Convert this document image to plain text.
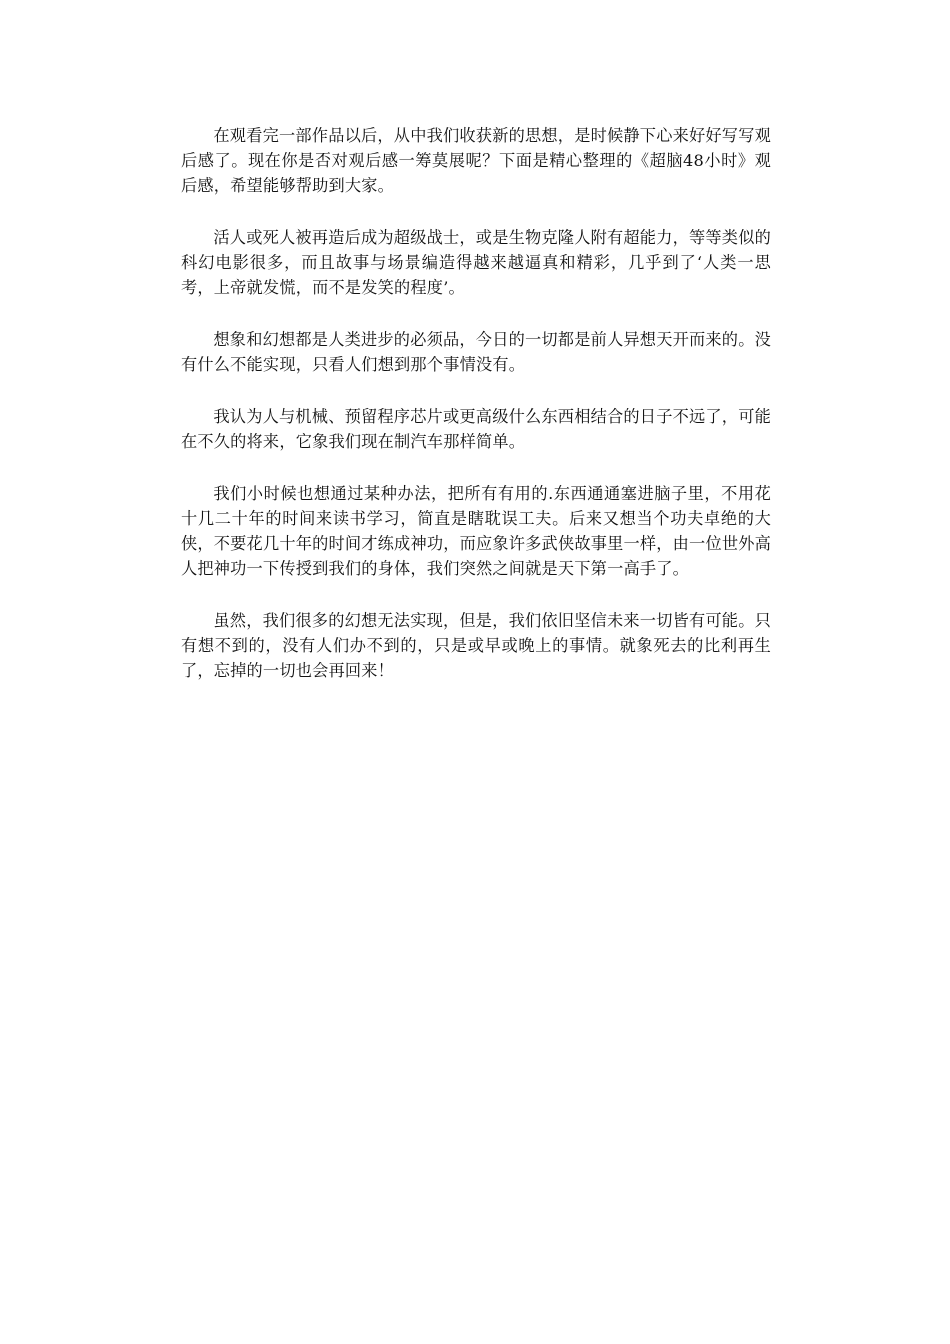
在观看完一部作品以后，从中我们收获新的思想，是时候静下心来好好写写观后感了。现在你是否对观后感一筹莫展呢？下面是精心整理的《超脑48小时》观后感，希望能够帮助到大家。

活人或死人被再造后成为超级战士，或是生物克隆人附有超能力，等等类似的科幻电影很多，而且故事与场景编造得越来越逼真和精彩，几乎到了‘人类一思考，上帝就发慌，而不是发笑的程度’。

想象和幻想都是人类进步的必须品，今日的一切都是前人异想天开而来的。没有什么不能实现，只看人们想到那个事情没有。

我认为人与机械、预留程序芯片或更高级什么东西相结合的日子不远了，可能在不久的将来，它象我们现在制汽车那样简单。

我们小时候也想通过某种办法，把所有有用的.东西通通塞进脑子里，不用花十几二十年的时间来读书学习，简直是瞎耽误工夫。后来又想当个功夫卓绝的大侠，不要花几十年的时间才练成神功，而应象许多武侠故事里一样，由一位世外高人把神功一下传授到我们的身体，我们突然之间就是天下第一高手了。

虽然，我们很多的幻想无法实现，但是，我们依旧坚信未来一切皆有可能。只有想不到的，没有人们办不到的，只是或早或晚上的事情。就象死去的比利再生了，忘掉的一切也会再回来！
